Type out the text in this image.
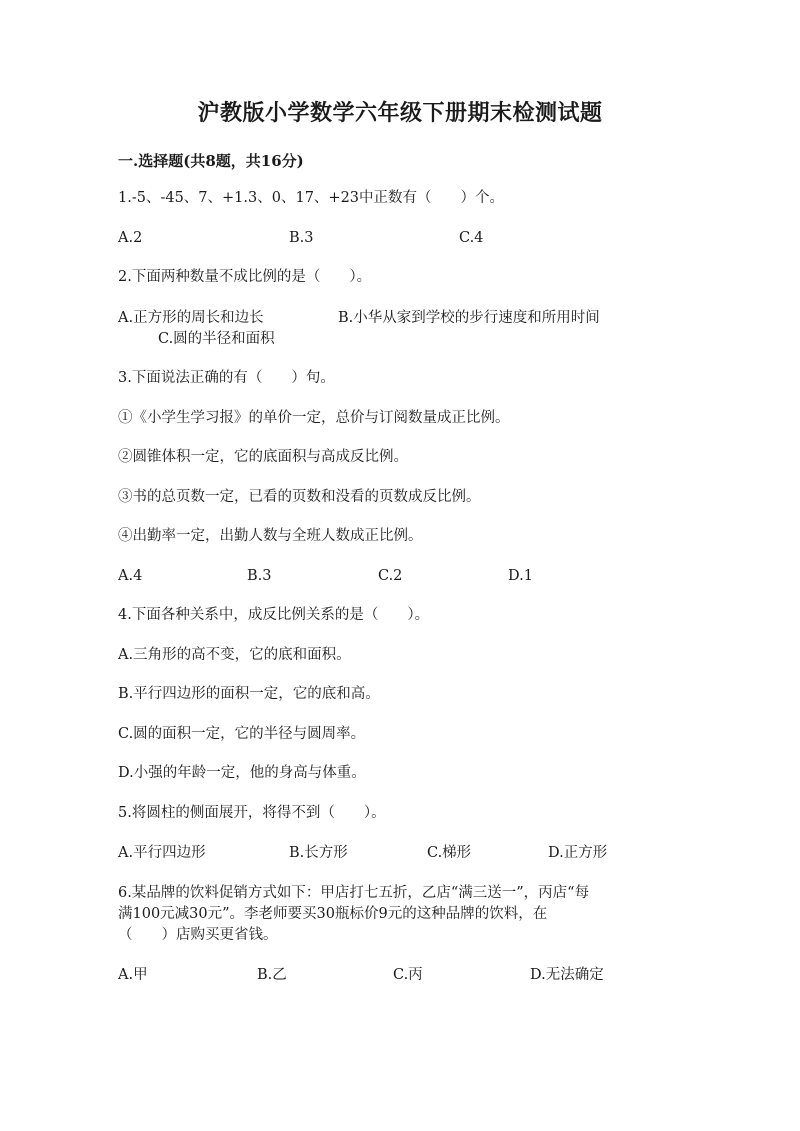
沪教版小学数学六年级下册期末检测试题
一.选择题(共8题，共16分)
1.-5、-45、7、+1.3、0、17、+23中正数有（　　）个。
A.2	B.3	C.4
2.下面两种数量不成比例的是（　　）。
A.正方形的周长和边长	B.小华从家到学校的步行速度和所用时间
C.圆的半径和面积
3.下面说法正确的有（　　）句。
①《小学生学习报》的单价一定，总价与订阅数量成正比例。
②圆锥体积一定，它的底面积与高成反比例。
③书的总页数一定，已看的页数和没看的页数成反比例。
④出勤率一定，出勤人数与全班人数成正比例。
A.4	B.3	C.2	D.1
4.下面各种关系中，成反比例关系的是（　　）。
A.三角形的高不变，它的底和面积。
B.平行四边形的面积一定，它的底和高。
C.圆的面积一定，它的半径与圆周率。
D.小强的年龄一定，他的身高与体重。
5.将圆柱的侧面展开，将得不到（　　）。
A.平行四边形	B.长方形	C.梯形	D.正方形
6.某品牌的饮料促销方式如下：甲店打七五折，乙店“满三送一”，丙店“每
满100元减30元”。李老师要买30瓶标价9元的这种品牌的饮料，在
（　　）店购买更省钱。
A.甲	B.乙	C.丙	D.无法确定
